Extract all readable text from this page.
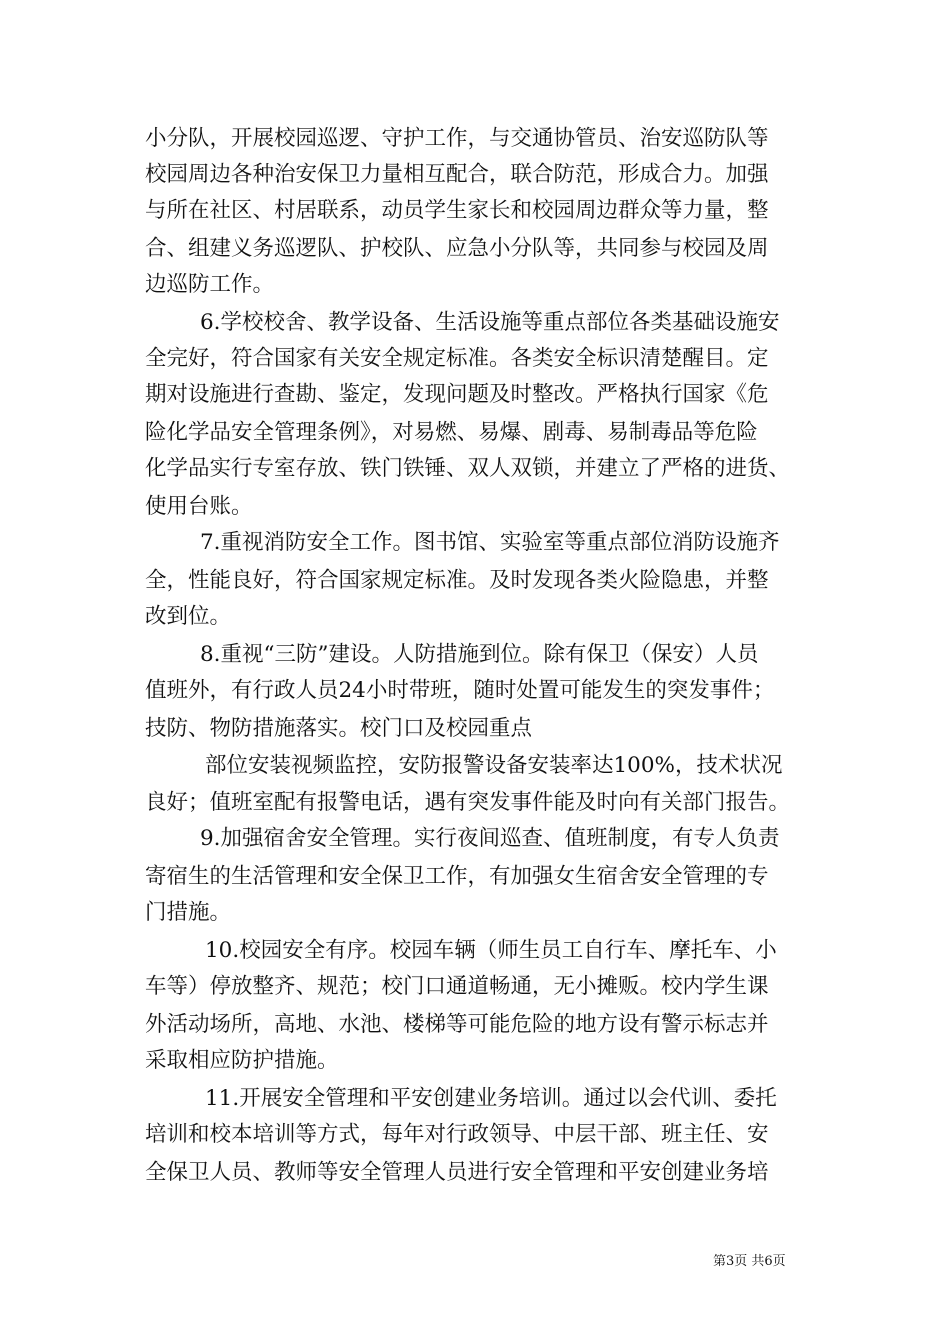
小分队，开展校园巡逻、守护工作，与交通协管员、治安巡防队等
校园周边各种治安保卫力量相互配合，联合防范，形成合力。加强
与所在社区、村居联系，动员学生家长和校园周边群众等力量，整
合、组建义务巡逻队、护校队、应急小分队等，共同参与校园及周
边巡防工作。
6.学校校舍、教学设备、生活设施等重点部位各类基础设施安
全完好，符合国家有关安全规定标准。各类安全标识清楚醒目。定
期对设施进行查勘、鉴定，发现问题及时整改。严格执行国家《危
险化学品安全管理条例》，对易燃、易爆、剧毒、易制毒品等危险
化学品实行专室存放、铁门铁锤、双人双锁，并建立了严格的进货、
使用台账。
7.重视消防安全工作。图书馆、实验室等重点部位消防设施齐
全，性能良好，符合国家规定标准。及时发现各类火险隐患，并整
改到位。
8.重视“三防”建设。人防措施到位。除有保卫（保安）人员
值班外，有行政人员24小时带班，随时处置可能发生的突发事件；
技防、物防措施落实。校门口及校园重点
部位安装视频监控，安防报警设备安装率达100%，技术状况
良好；值班室配有报警电话，遇有突发事件能及时向有关部门报告。
9.加强宿舍安全管理。实行夜间巡查、值班制度，有专人负责
寄宿生的生活管理和安全保卫工作，有加强女生宿舍安全管理的专
门措施。
10.校园安全有序。校园车辆（师生员工自行车、摩托车、小
车等）停放整齐、规范；校门口通道畅通，无小摊贩。校内学生课
外活动场所，高地、水池、楼梯等可能危险的地方设有警示标志并
采取相应防护措施。
11.开展安全管理和平安创建业务培训。通过以会代训、委托
培训和校本培训等方式，每年对行政领导、中层干部、班主任、安
全保卫人员、教师等安全管理人员进行安全管理和平安创建业务培
第3页 共6页
